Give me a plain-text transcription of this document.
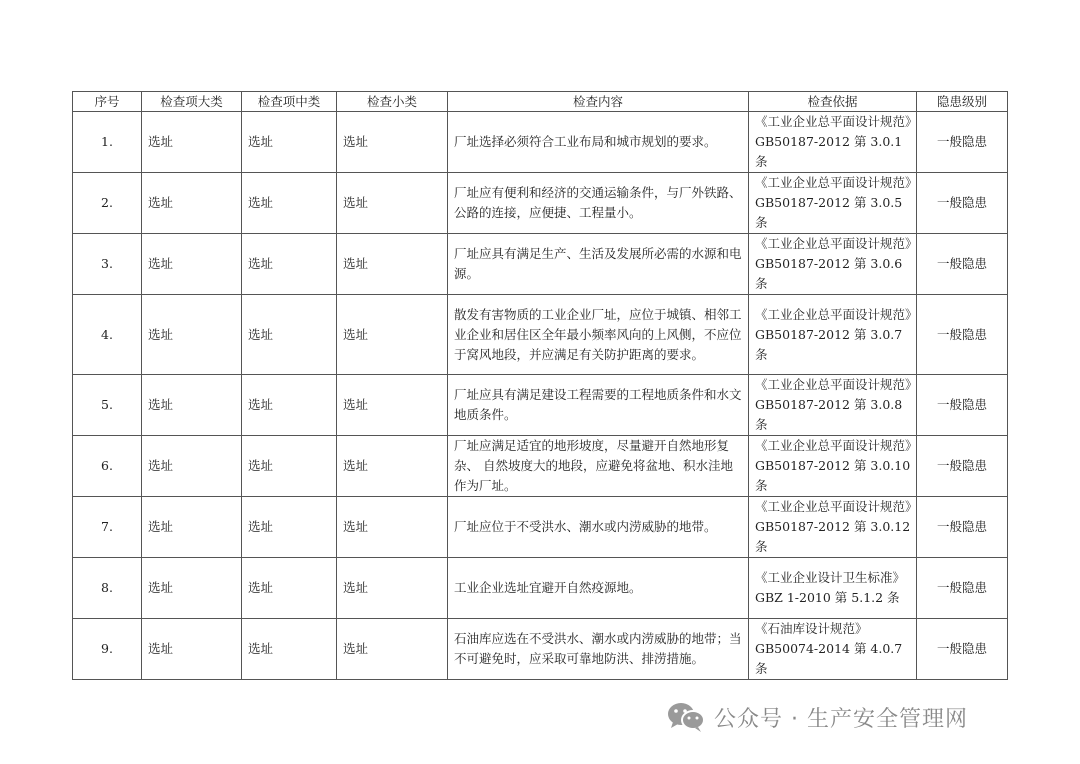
序号	检查项大类	检查项中类	检查小类	检查内容	检查依据	隐患级别
1.	选址	选址	选址	厂址选择必须符合工业布局和城市规划的要求。	《工业企业总平面设计规范》GB50187-2012 第 3.0.1 条	一般隐患
2.	选址	选址	选址	厂址应有便利和经济的交通运输条件，与厂外铁路、公路的连接，应便捷、工程量小。	《工业企业总平面设计规范》GB50187-2012 第 3.0.5 条	一般隐患
3.	选址	选址	选址	厂址应具有满足生产、生活及发展所必需的水源和电源。	《工业企业总平面设计规范》GB50187-2012 第 3.0.6 条	一般隐患
4.	选址	选址	选址	散发有害物质的工业企业厂址，应位于城镇、相邻工业企业和居住区全年最小频率风向的上风侧，不应位于窝风地段，并应满足有关防护距离的要求。	《工业企业总平面设计规范》GB50187-2012 第 3.0.7 条	一般隐患
5.	选址	选址	选址	厂址应具有满足建设工程需要的工程地质条件和水文地质条件。	《工业企业总平面设计规范》GB50187-2012 第 3.0.8 条	一般隐患
6.	选址	选址	选址	厂址应满足适宜的地形坡度，尽量避开自然地形复杂、 自然坡度大的地段，应避免将盆地、积水洼地作为厂址。	《工业企业总平面设计规范》GB50187-2012 第 3.0.10 条	一般隐患
7.	选址	选址	选址	厂址应位于不受洪水、潮水或内涝威胁的地带。	《工业企业总平面设计规范》GB50187-2012 第 3.0.12 条	一般隐患
8.	选址	选址	选址	工业企业选址宜避开自然疫源地。	《工业企业设计卫生标准》GBZ 1-2010 第 5.1.2 条	一般隐患
9.	选址	选址	选址	石油库应选在不受洪水、潮水或内涝威胁的地带；当不可避免时，应采取可靠地防洪、排涝措施。	《石油库设计规范》GB50074-2014 第 4.0.7 条	一般隐患
公众号 · 生产安全管理网
